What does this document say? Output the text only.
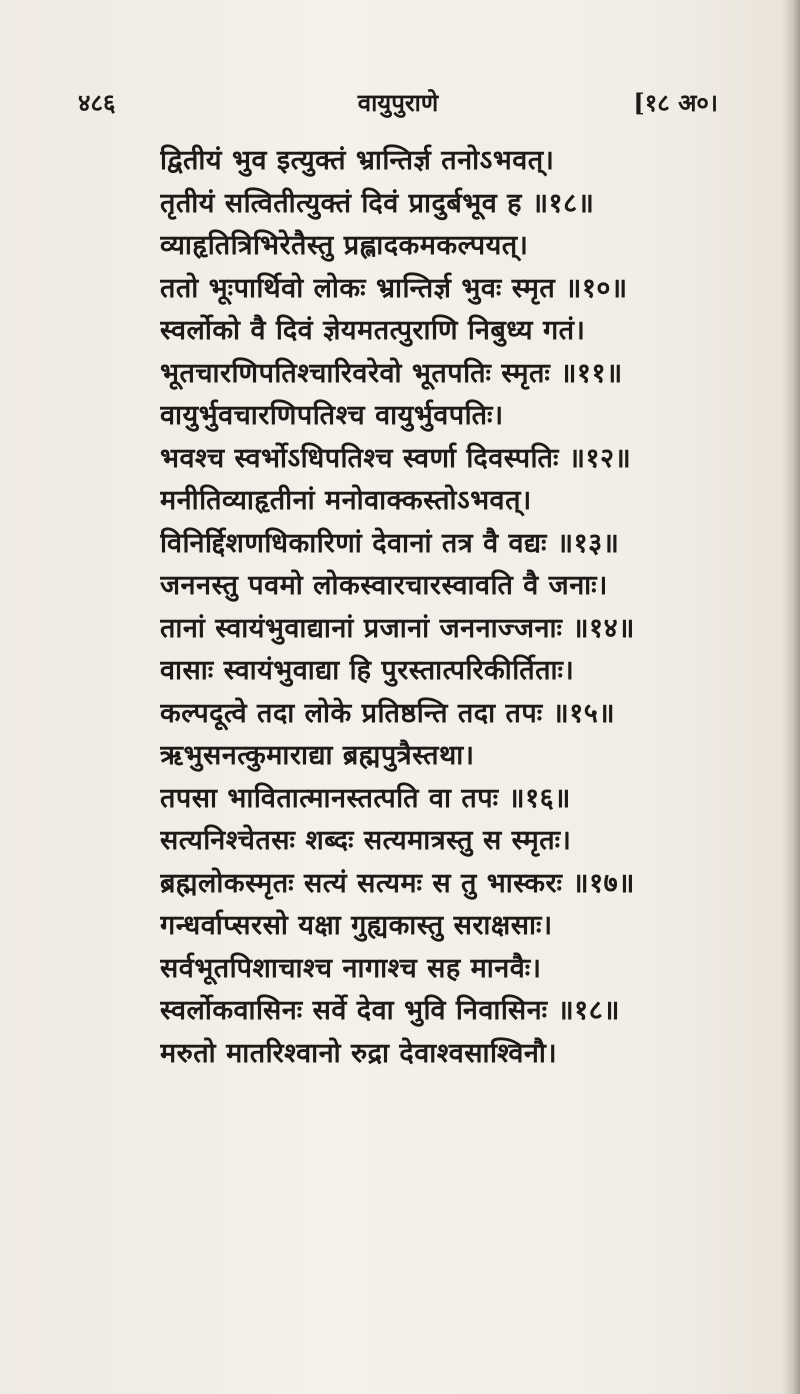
४८६	वायुपुराणे	[१८ अ०।
द्वितीयं भुव इत्युक्तं भ्रान्तिर्ज्ञ तनोऽभवत्।
तृतीयं सत्वितीत्युक्तं दिवं प्रादुर्बभूव ह ॥१८॥
व्याहृतित्रिभिरेतैस्तु प्रह्लादकमकल्पयत्।
ततो भूःपार्थिवो लोकः भ्रान्तिर्ज्ञ भुवः स्मृत ॥१०॥
स्वर्लोको वै दिवं ज्ञेयमतत्पुराणि निबुध्य गतं।
भूतचारणिपतिश्चारिवरेवो भूतपतिः स्मृतः ॥११॥
वायुर्भुवचारणिपतिश्च वायुर्भुवपतिः।
भवश्च स्वर्भोऽधिपतिश्च स्वर्णा दिवस्पतिः ॥१२॥
मनीतिव्याहृतीनां मनोवाक्कस्तोऽभवत्।
विनिर्द्दिशणधिकारिणां देवानां तत्र वै वद्यः ॥१३॥
जननस्तु पवमो लोकस्वारचारस्वावति वै जनाः।
तानां स्वायंभुवाद्यानां प्रजानां जननाज्जनाः ॥१४॥
वासाः स्वायंभुवाद्या हि पुरस्तात्परिकीर्तिताः।
कल्पदूत्वे तदा लोके प्रतिष्ठन्ति तदा तपः ॥१५॥
ऋभुसनत्कुमाराद्या ब्रह्मपुत्रैस्तथा।
तपसा भावितात्मानस्तत्पति वा तपः ॥१६॥
सत्यनिश्चेतसः शब्दः सत्यमात्रस्तु स स्मृतः।
ब्रह्मलोकस्मृतः सत्यं सत्यमः स तु भास्करः ॥१७॥
गन्धर्वाप्सरसो यक्षा गुह्यकास्तु सराक्षसाः।
सर्वभूतपिशाचाश्च नागाश्च सह मानवैः।
स्वर्लोकवासिनः सर्वे देवा भुवि निवासिनः ॥१८॥
मरुतो मातरिश्वानो रुद्रा देवाश्वसाश्विनौ।
